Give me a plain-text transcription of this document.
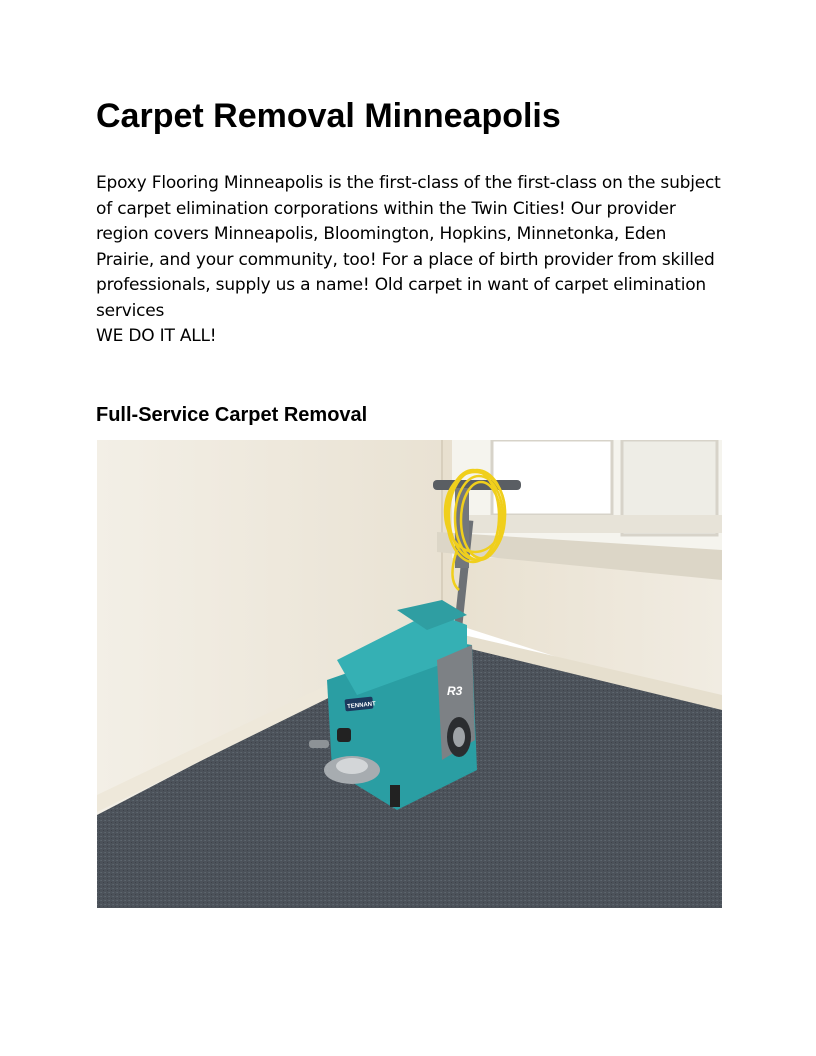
Carpet Removal Minneapolis

Epoxy Flooring Minneapolis is the first-class of the first-class on the subject of carpet elimination corporations within the Twin Cities! Our provider region covers Minneapolis, Bloomington, Hopkins, Minnetonka, Eden Prairie, and your community, too! For a place of birth provider from skilled professionals, supply us a name! Old carpet in want of carpet elimination services

WE DO IT ALL!

Full-Service Carpet Removal
R3
TENNANT
